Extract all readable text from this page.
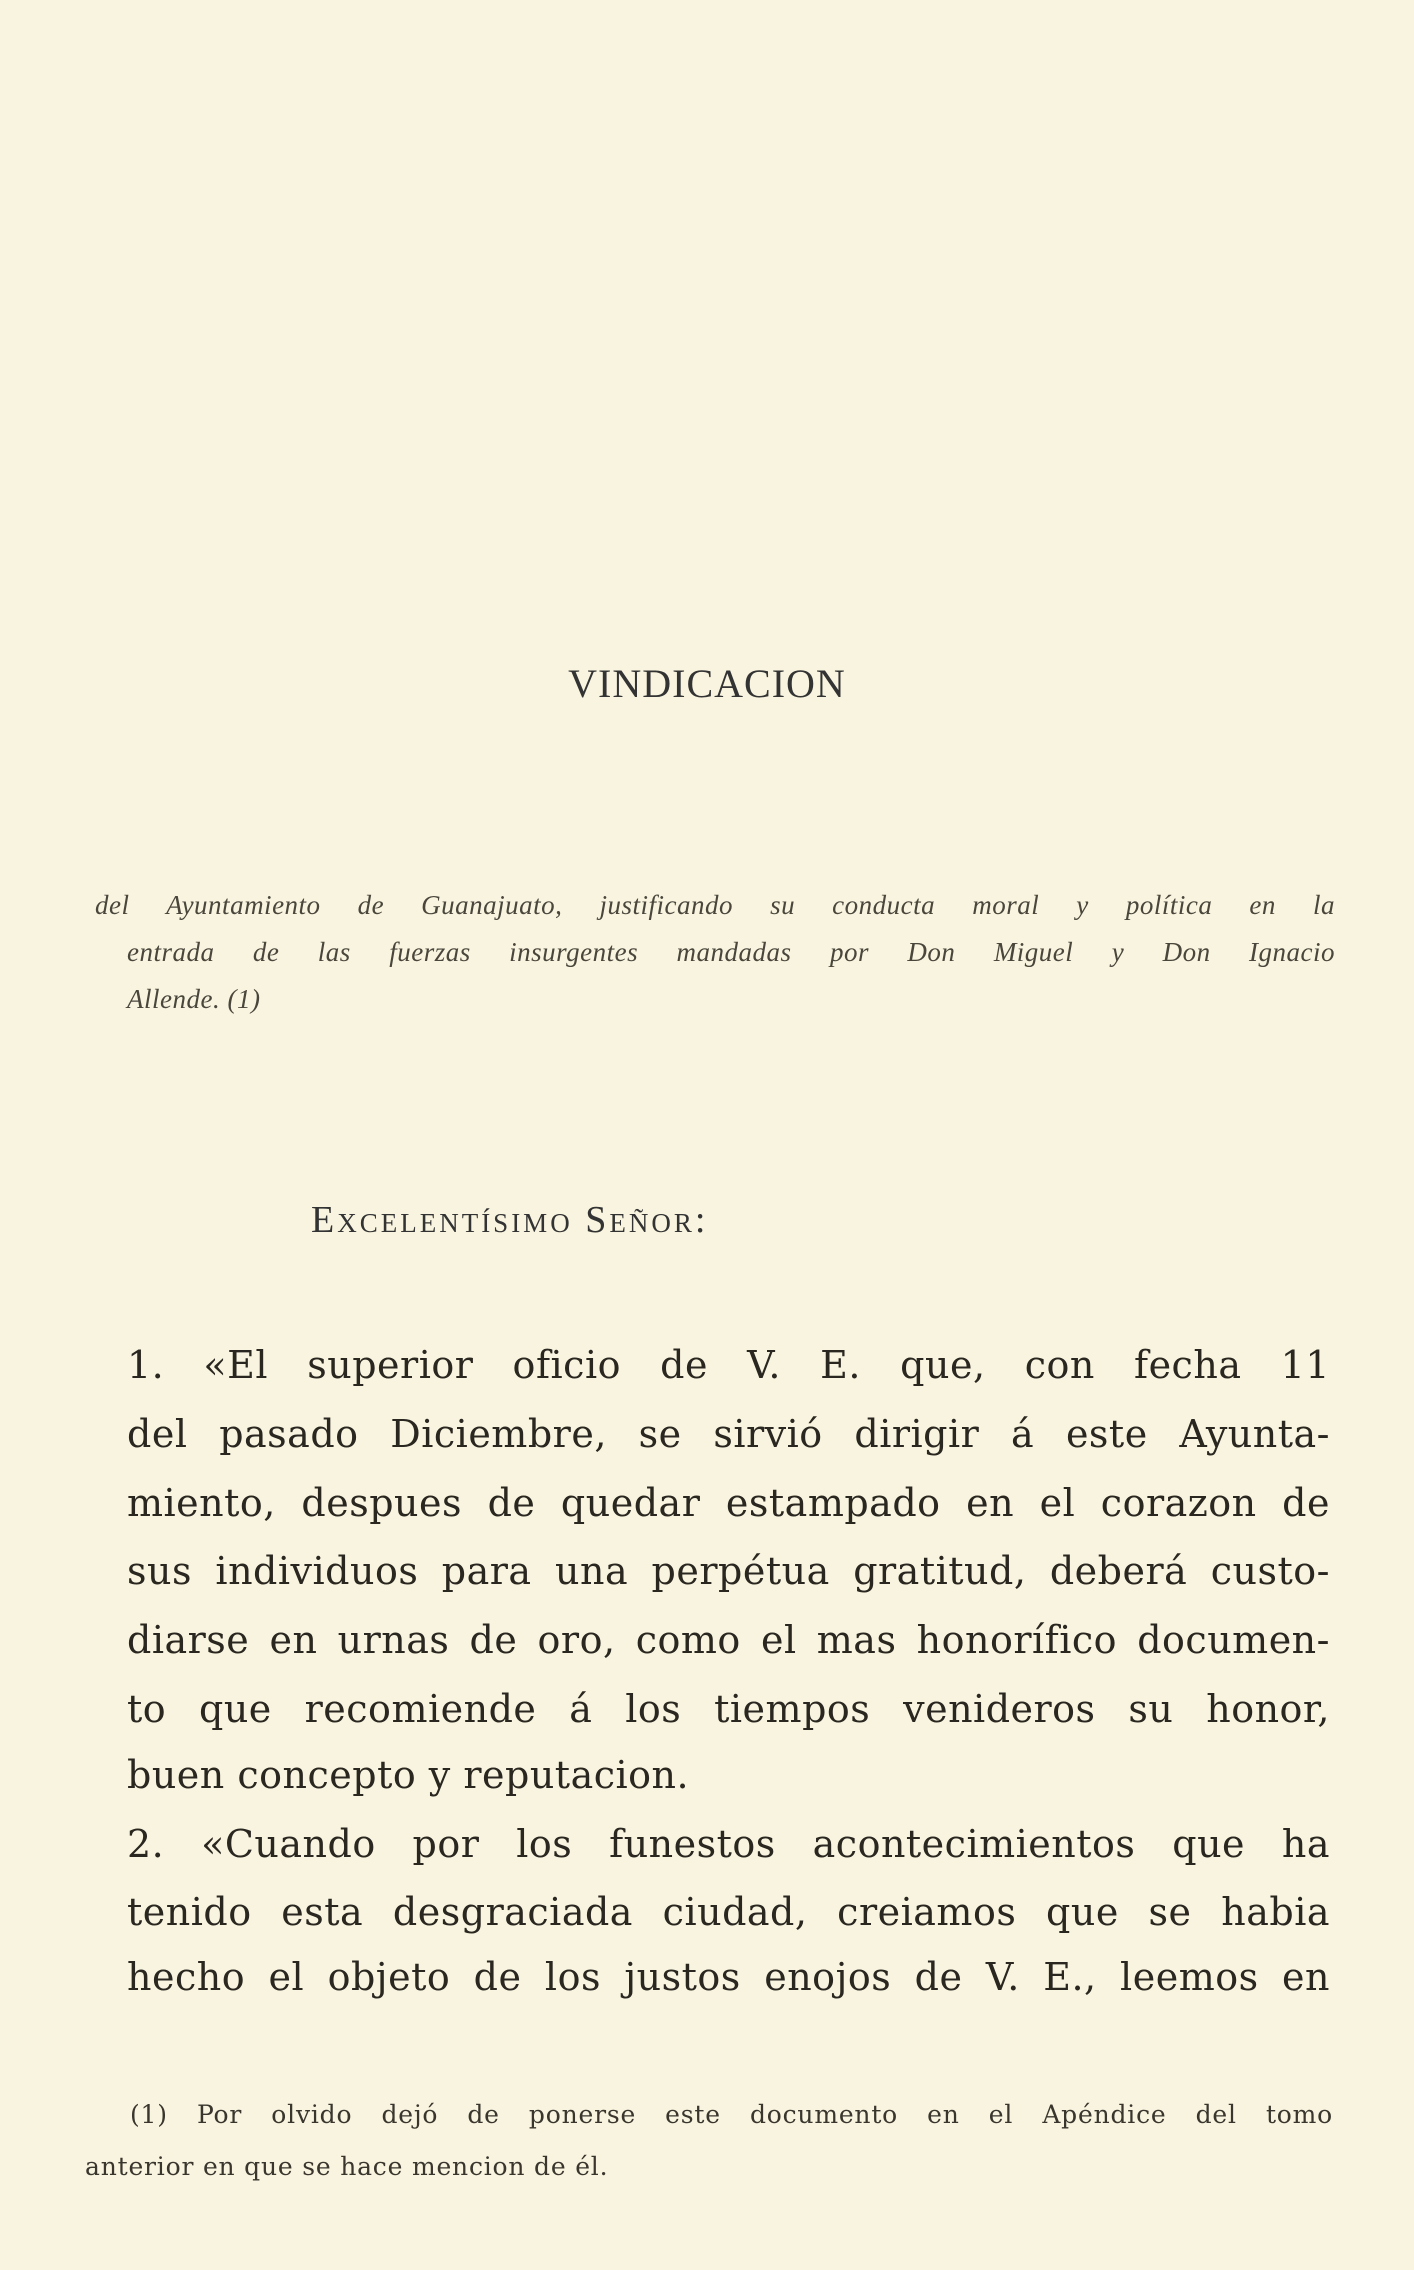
VINDICACION
del Ayuntamiento de Guanajuato, justificando su conducta moral y política en la
entrada de las fuerzas insurgentes mandadas por Don Miguel y Don Ignacio
Allende. (1)
Excelentísimo Señor:
1. «El superior oficio de V. E. que, con fecha 11
del pasado Diciembre, se sirvió dirigir á este Ayunta-
miento, despues de quedar estampado en el corazon de
sus individuos para una perpétua gratitud, deberá custo-
diarse en urnas de oro, como el mas honorífico documen-
to que recomiende á los tiempos venideros su honor,
buen concepto y reputacion.
2. «Cuando por los funestos acontecimientos que ha
tenido esta desgraciada ciudad, creiamos que se habia
hecho el objeto de los justos enojos de V. E., leemos en
(1) Por olvido dejó de ponerse este documento en el Apéndice del tomo
anterior en que se hace mencion de él.
